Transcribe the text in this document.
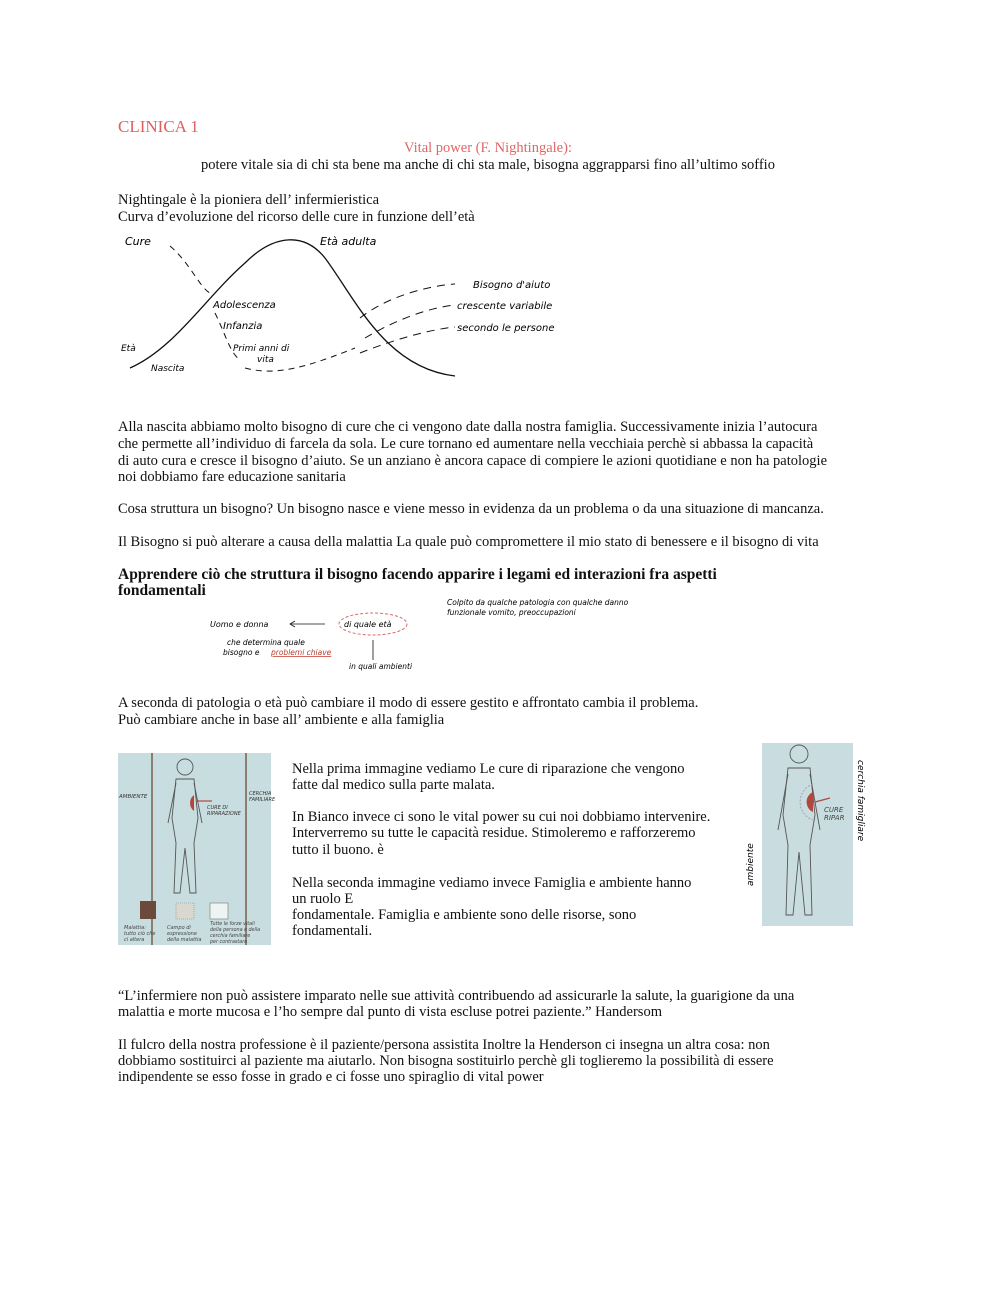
CLINICA 1
Vital power (F. Nightingale):
potere vitale sia di chi sta bene ma anche di chi sta male, bisogna aggrapparsi fino all’ultimo soffio
Nightingale è la pioniera dell’ infermieristica
Curva d’evoluzione del ricorso delle cure in funzione dell’età
Cure	Età adulta
Adolescenza
Infanzia
Primi anni di
vita
Età
Nascita
Bisogno d'aiuto
crescente variabile
secondo le persone
Alla nascita abbiamo molto bisogno di cure che ci vengono date dalla nostra famiglia. Successivamente inizia l’autocura
che permette all’individuo di farcela da sola. Le cure tornano ed aumentare nella vecchiaia perchè si abbassa la capacità
di auto cura e cresce il bisogno d’aiuto. Se un anziano è ancora capace di compiere le azioni quotidiane e non ha patologie
noi dobbiamo fare educazione sanitaria
Cosa struttura un bisogno? Un bisogno nasce e viene messo in evidenza da un problema o da una situazione di mancanza.
Il Bisogno si può alterare a causa della malattia La quale può compromettere il mio stato di benessere e il bisogno di vita
Apprendere ciò che struttura il bisogno facendo apparire i legami ed interazioni fra aspetti
fondamentali
Colpito da qualche patologia con qualche danno
funzionale vomito, preoccupazioni
Uomo e donna	di quale età
che determina quale
bisogno e problemi chiave
in quali ambienti
A seconda di patologia o età può cambiare il modo di essere gestito e affrontato cambia il problema.
Può cambiare anche in base all’ ambiente e alla famiglia
AMBIENTE	CERCHIA
FAMILIARE
CURE DI
RIPARAZIONE
Malattia:
tutto ciò che
ci altera
Campo di
espressione
della malattia
Tutte le forze vitali
della persona e della
cerchia familiare
per contrastare
Nella prima immagine vediamo Le cure di riparazione che vengono
fatte dal medico sulla parte malata.
In Bianco invece ci sono le vital power su cui noi dobbiamo intervenire.
Interverremo su tutte le capacità residue. Stimoleremo e rafforzeremo
tutto il buono. è
Nella seconda immagine vediamo invece Famiglia e ambiente hanno
un ruolo E
fondamentale. Famiglia e ambiente sono delle risorse, sono
fondamentali.
CURE
RIPAR
ambiente
cerchia famigliare
“L’infermiere non può assistere imparato nelle sue attività contribuendo ad assicurarle la salute, la guarigione da una
malattia e morte mucosa e l’ho sempre dal punto di vista escluse potrei paziente.” Handersom
Il fulcro della nostra professione è il paziente/persona assistita Inoltre la Henderson ci insegna un altra cosa: non
dobbiamo sostituirci al paziente ma aiutarlo. Non bisogna sostituirlo perchè gli toglieremo la possibilità di essere
indipendente se esso fosse in grado e ci fosse uno spiraglio di vital power
